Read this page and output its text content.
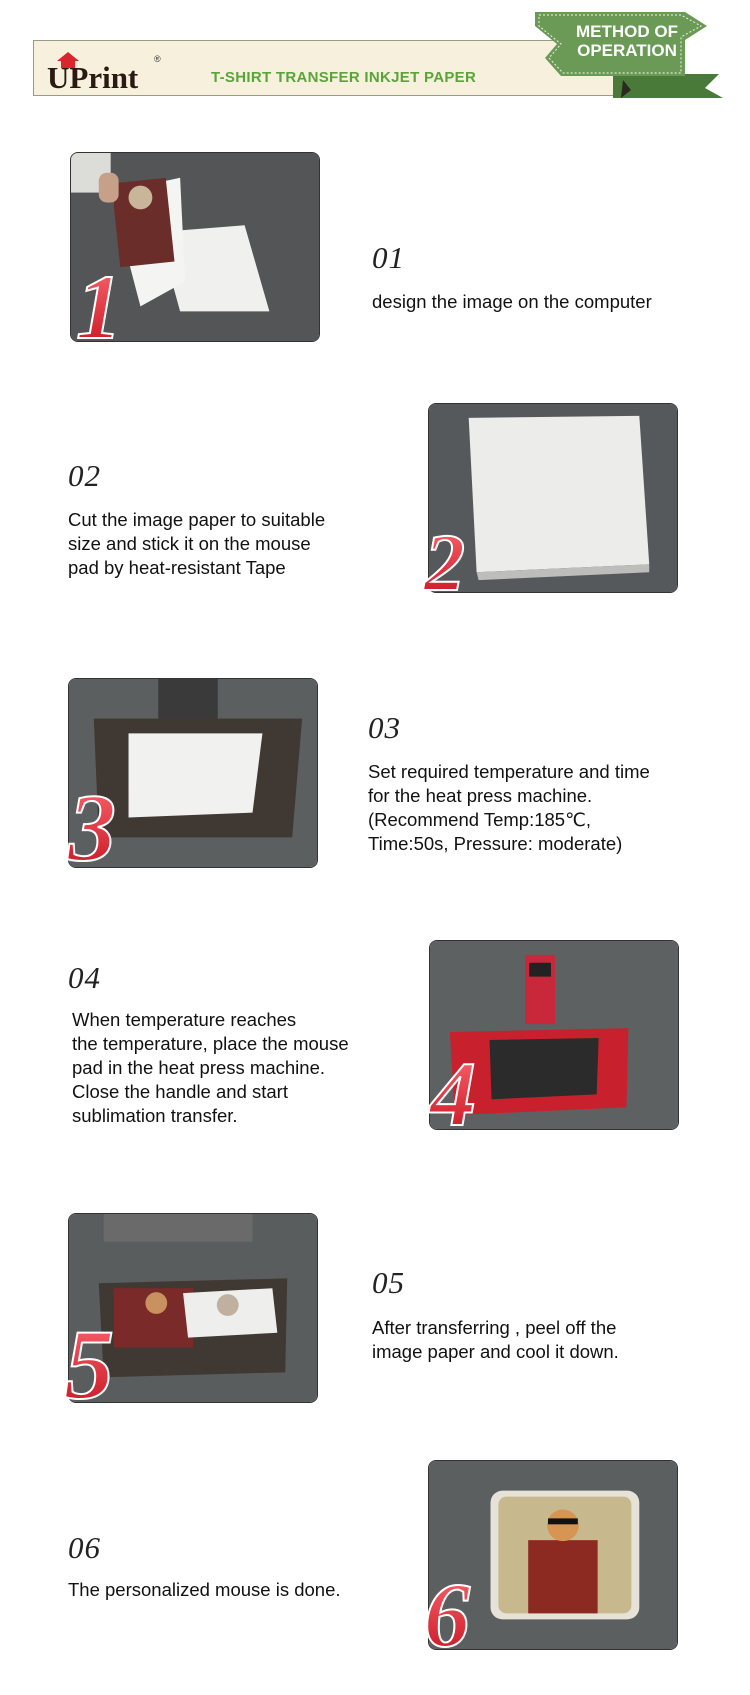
UPrint
®
T-SHIRT TRANSFER INKJET PAPER
METHOD OF
OPERATION
01
design the image on the computer
02
Cut the image paper to suitable
size and stick it on the mouse
pad by heat-resistant Tape
03
Set required temperature and time
for the heat press machine.
(Recommend Temp:185℃,
Time:50s, Pressure: moderate)
04
When temperature reaches
the temperature, place the mouse
pad in the heat press machine.
Close the handle and start
sublimation transfer.
05
After transferring , peel off the
image paper and cool it down.
06
The personalized mouse is done.
1
2
3
4
5
6
